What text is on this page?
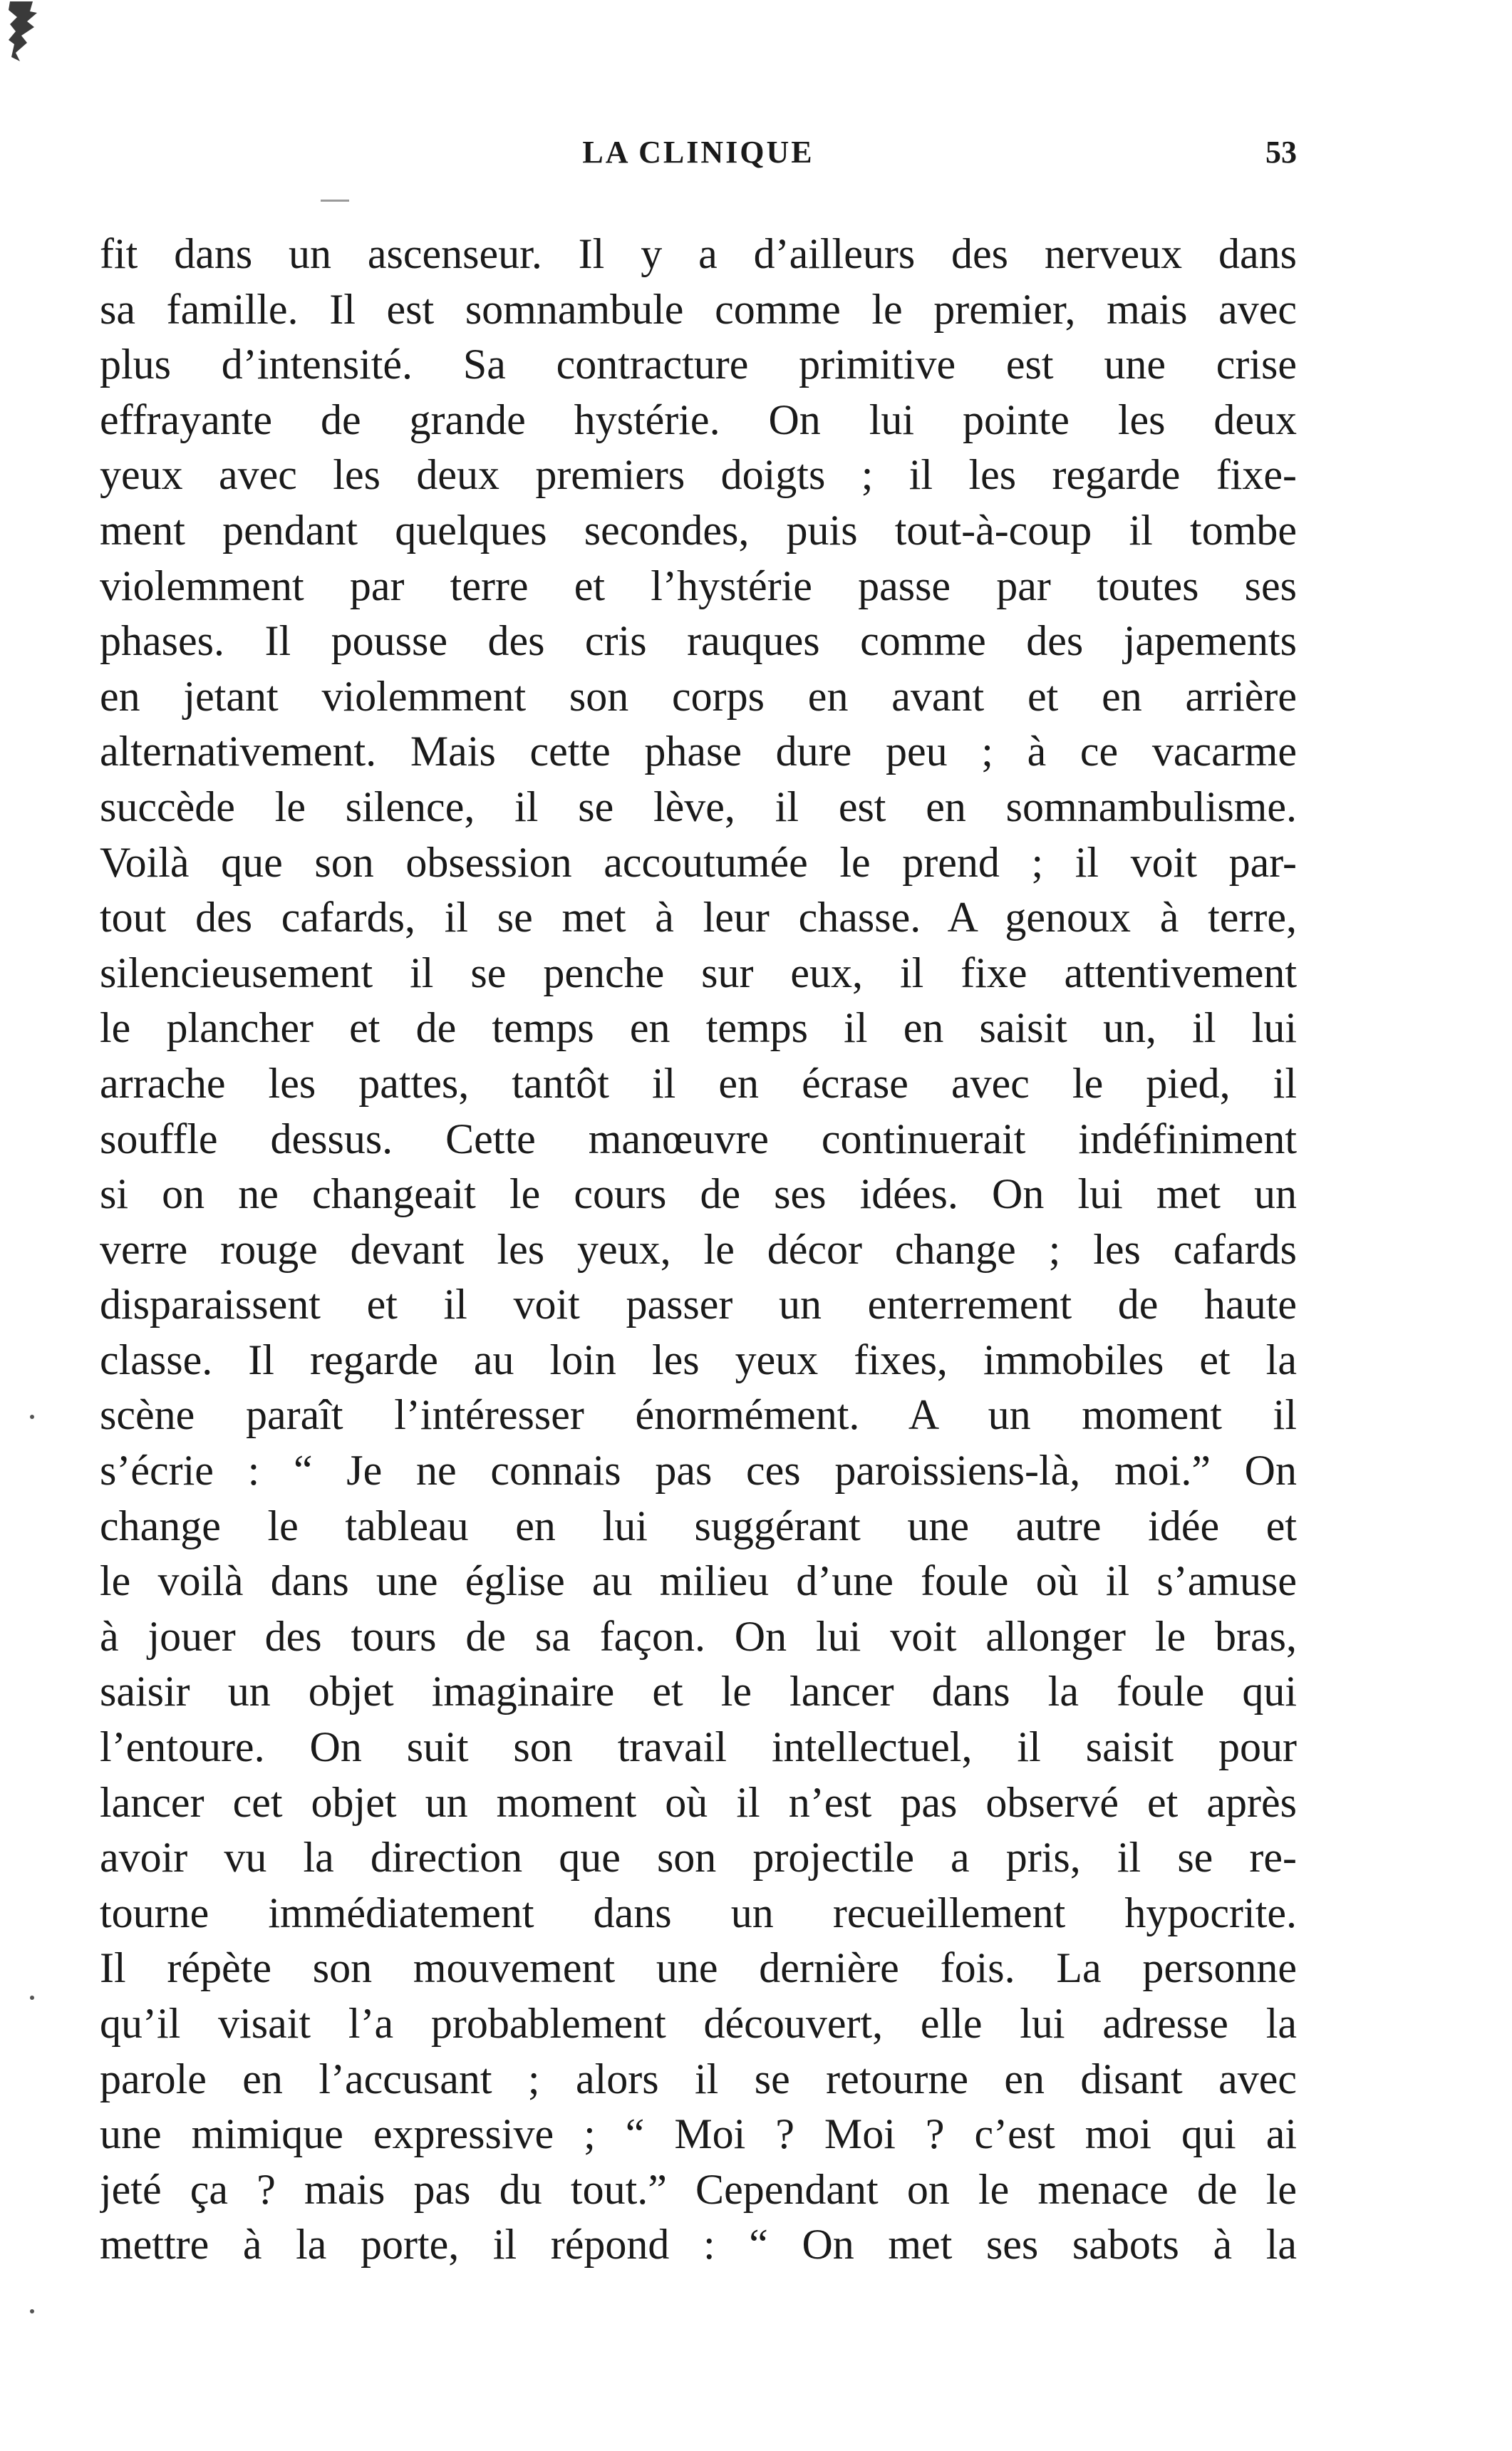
LA CLINIQUE	53
fit dans un ascenseur. Il y a d’ailleurs des nerveux dans
sa famille. Il est somnambule comme le premier, mais avec
plus d’intensité. Sa contracture primitive est une crise
effrayante de grande hystérie. On lui pointe les deux
yeux avec les deux premiers doigts ; il les regarde fixe-
ment pendant quelques secondes, puis tout-à-coup il tombe
violemment par terre et l’hystérie passe par toutes ses
phases. Il pousse des cris rauques comme des japements
en jetant violemment son corps en avant et en arrière
alternativement. Mais cette phase dure peu ; à ce vacarme
succède le silence, il se lève, il est en somnambulisme.
Voilà que son obsession accoutumée le prend ; il voit par-
tout des cafards, il se met à leur chasse. A genoux à terre,
silencieusement il se penche sur eux, il fixe attentivement
le plancher et de temps en temps il en saisit un, il lui
arrache les pattes, tantôt il en écrase avec le pied, il
souffle dessus. Cette manœuvre continuerait indéfiniment
si on ne changeait le cours de ses idées. On lui met un
verre rouge devant les yeux, le décor change ; les cafards
disparaissent et il voit passer un enterrement de haute
classe. Il regarde au loin les yeux fixes, immobiles et la
scène paraît l’intéresser énormément. A un moment il
s’écrie : “ Je ne connais pas ces paroissiens-là, moi.” On
change le tableau en lui suggérant une autre idée et
le voilà dans une église au milieu d’une foule où il s’amuse
à jouer des tours de sa façon. On lui voit allonger le bras,
saisir un objet imaginaire et le lancer dans la foule qui
l’entoure. On suit son travail intellectuel, il saisit pour
lancer cet objet un moment où il n’est pas observé et après
avoir vu la direction que son projectile a pris, il se re-
tourne immédiatement dans un recueillement hypocrite.
Il répète son mouvement une dernière fois. La personne
qu’il visait l’a probablement découvert, elle lui adresse la
parole en l’accusant ; alors il se retourne en disant avec
une mimique expressive ; “ Moi ? Moi ? c’est moi qui ai
jeté ça ? mais pas du tout.” Cependant on le menace de le
mettre à la porte, il répond : “ On met ses sabots à la
